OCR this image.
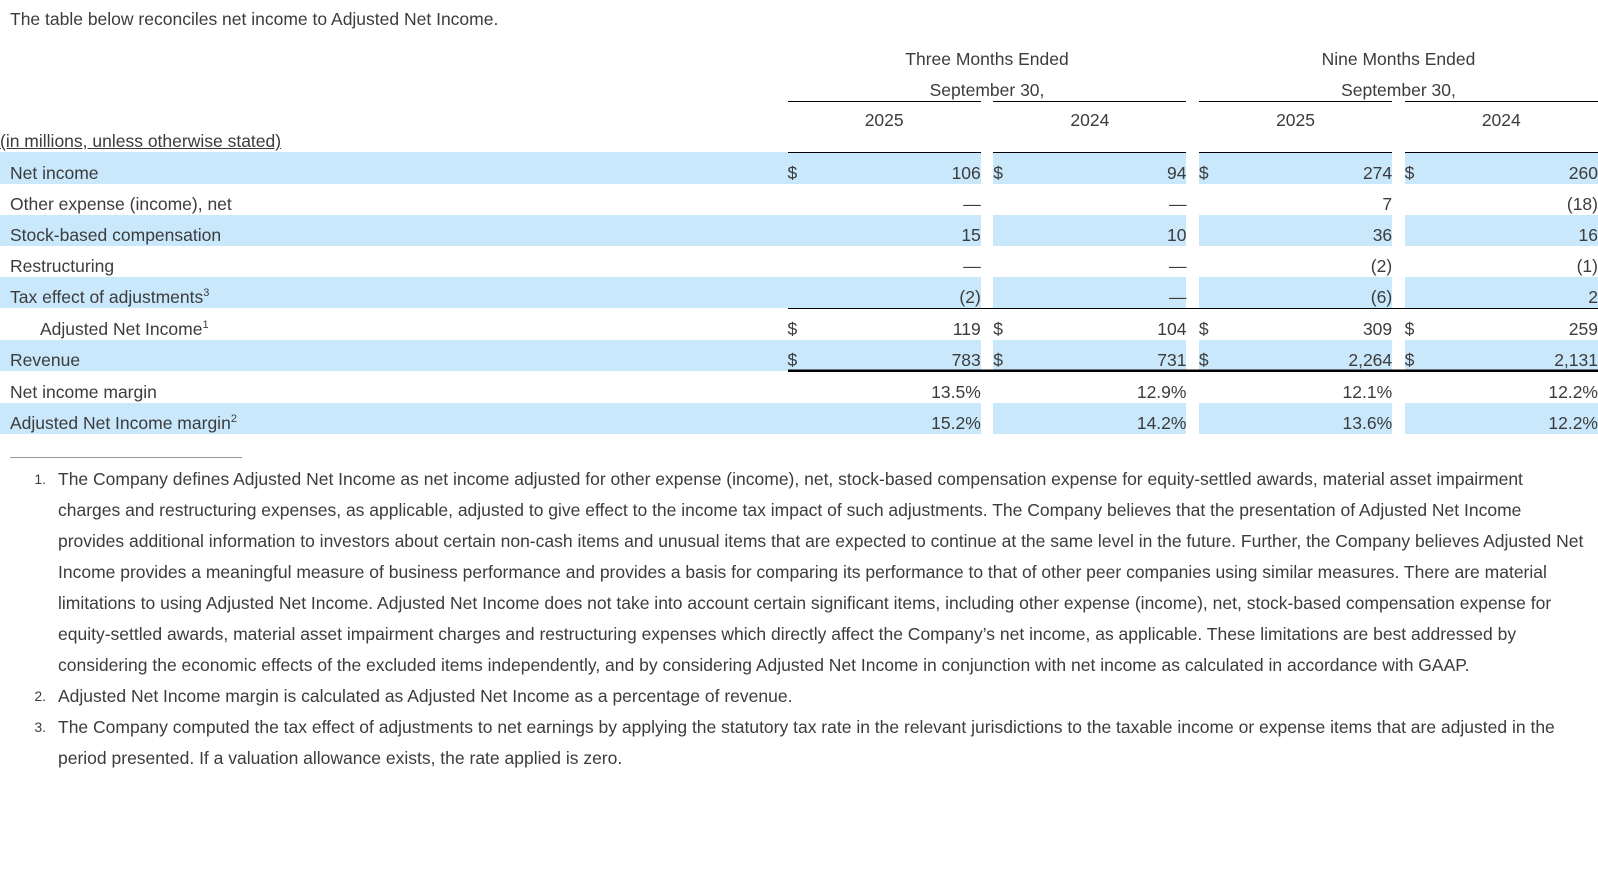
The table below reconciles net income to Adjusted Net Income.
	Three Months Ended						Nine Months Ended				
	September 30,						September 30,				
	2025			2024			2025			2024	
(in millions, unless otherwise stated)											
Net income	$	106		$	94		$	274		$	260
Other expense (income), net		—			—			7			(18)
Stock-based compensation		15			10			36			16
Restructuring		—			—			(2)			(1)
Tax effect of adjustments$^3$		(2)			—			(6)			2
Adjusted Net Income$^1$	$	119		$	104		$	309		$	259
Revenue	$	783		$	731		$	2,264		$	2,131
Net income margin		13.5%			12.9%			12.1%			12.2%
Adjusted Net Income margin$^2$		15.2%			14.2%			13.6%			12.2%
1. The Company defines Adjusted Net Income as net income adjusted for other expense (income), net, stock-based compensation expense for equity-settled awards, material asset impairment charges and restructuring expenses, as applicable, adjusted to give effect to the income tax impact of such adjustments. The Company believes that the presentation of Adjusted Net Income provides additional information to investors about certain non-cash items and unusual items that are expected to continue at the same level in the future. Further, the Company believes Adjusted Net Income provides a meaningful measure of business performance and provides a basis for comparing its performance to that of other peer companies using similar measures. There are material limitations to using Adjusted Net Income. Adjusted Net Income does not take into account certain significant items, including other expense (income), net, stock-based compensation expense for equity-settled awards, material asset impairment charges and restructuring expenses which directly affect the Company’s net income, as applicable. These limitations are best addressed by considering the economic effects of the excluded items independently, and by considering Adjusted Net Income in conjunction with net income as calculated in accordance with GAAP.
2. Adjusted Net Income margin is calculated as Adjusted Net Income as a percentage of revenue.
3. The Company computed the tax effect of adjustments to net earnings by applying the statutory tax rate in the relevant jurisdictions to the taxable income or expense items that are adjusted in the period presented. If a valuation allowance exists, the rate applied is zero.
